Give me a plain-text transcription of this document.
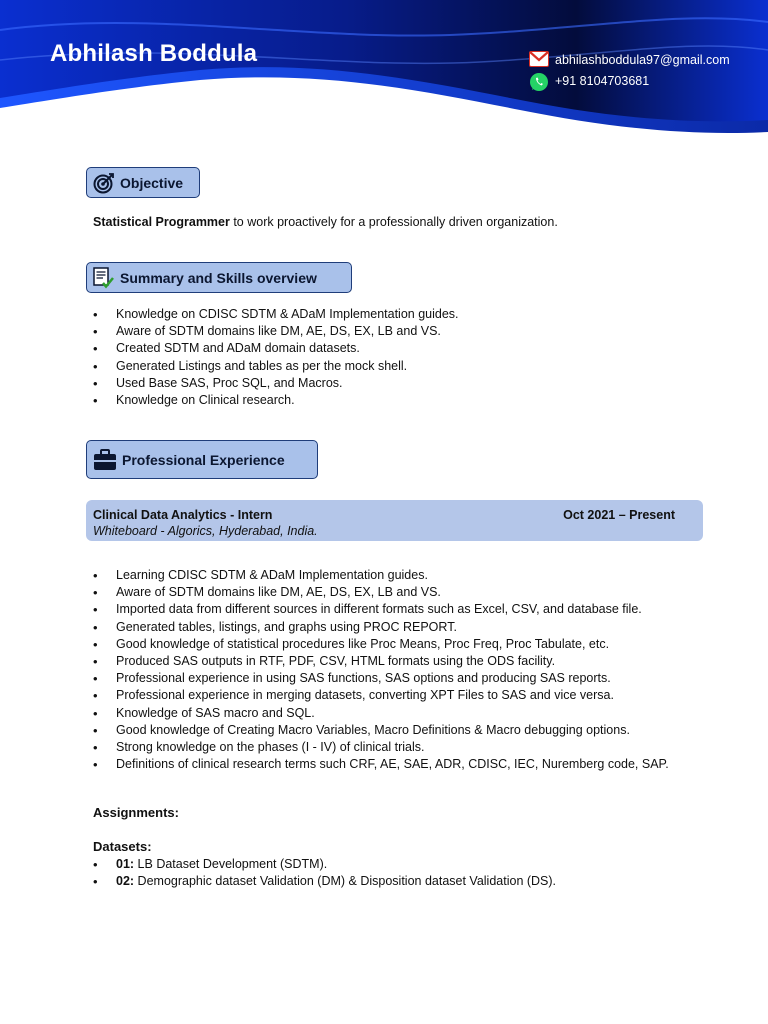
Abhilash Boddula	abhilashboddula97@gmail.com
+91 8104703681
Objective
Statistical Programmer to work proactively for a professionally driven organization.
Summary and Skills overview
• Knowledge on CDISC SDTM & ADaM Implementation guides.
• Aware of SDTM domains like DM, AE, DS, EX, LB and VS.
• Created SDTM and ADaM domain datasets.
• Generated Listings and tables as per the mock shell.
• Used Base SAS, Proc SQL, and Macros.
• Knowledge on Clinical research.
Professional Experience
Clinical Data Analytics - Intern	Oct 2021 – Present
Whiteboard - Algorics, Hyderabad, India.
• Learning CDISC SDTM & ADaM Implementation guides.
• Aware of SDTM domains like DM, AE, DS, EX, LB and VS.
• Imported data from different sources in different formats such as Excel, CSV, and database file.
• Generated tables, listings, and graphs using PROC REPORT.
• Good knowledge of statistical procedures like Proc Means, Proc Freq, Proc Tabulate, etc.
• Produced SAS outputs in RTF, PDF, CSV, HTML formats using the ODS facility.
• Professional experience in using SAS functions, SAS options and producing SAS reports.
• Professional experience in merging datasets, converting XPT Files to SAS and vice versa.
• Knowledge of SAS macro and SQL.
• Good knowledge of Creating Macro Variables, Macro Definitions & Macro debugging options.
• Strong knowledge on the phases (I - IV) of clinical trials.
• Definitions of clinical research terms such CRF, AE, SAE, ADR, CDISC, IEC, Nuremberg code, SAP.
Assignments:
Datasets:
• 01: LB Dataset Development (SDTM).
• 02: Demographic dataset Validation (DM) & Disposition dataset Validation (DS).
